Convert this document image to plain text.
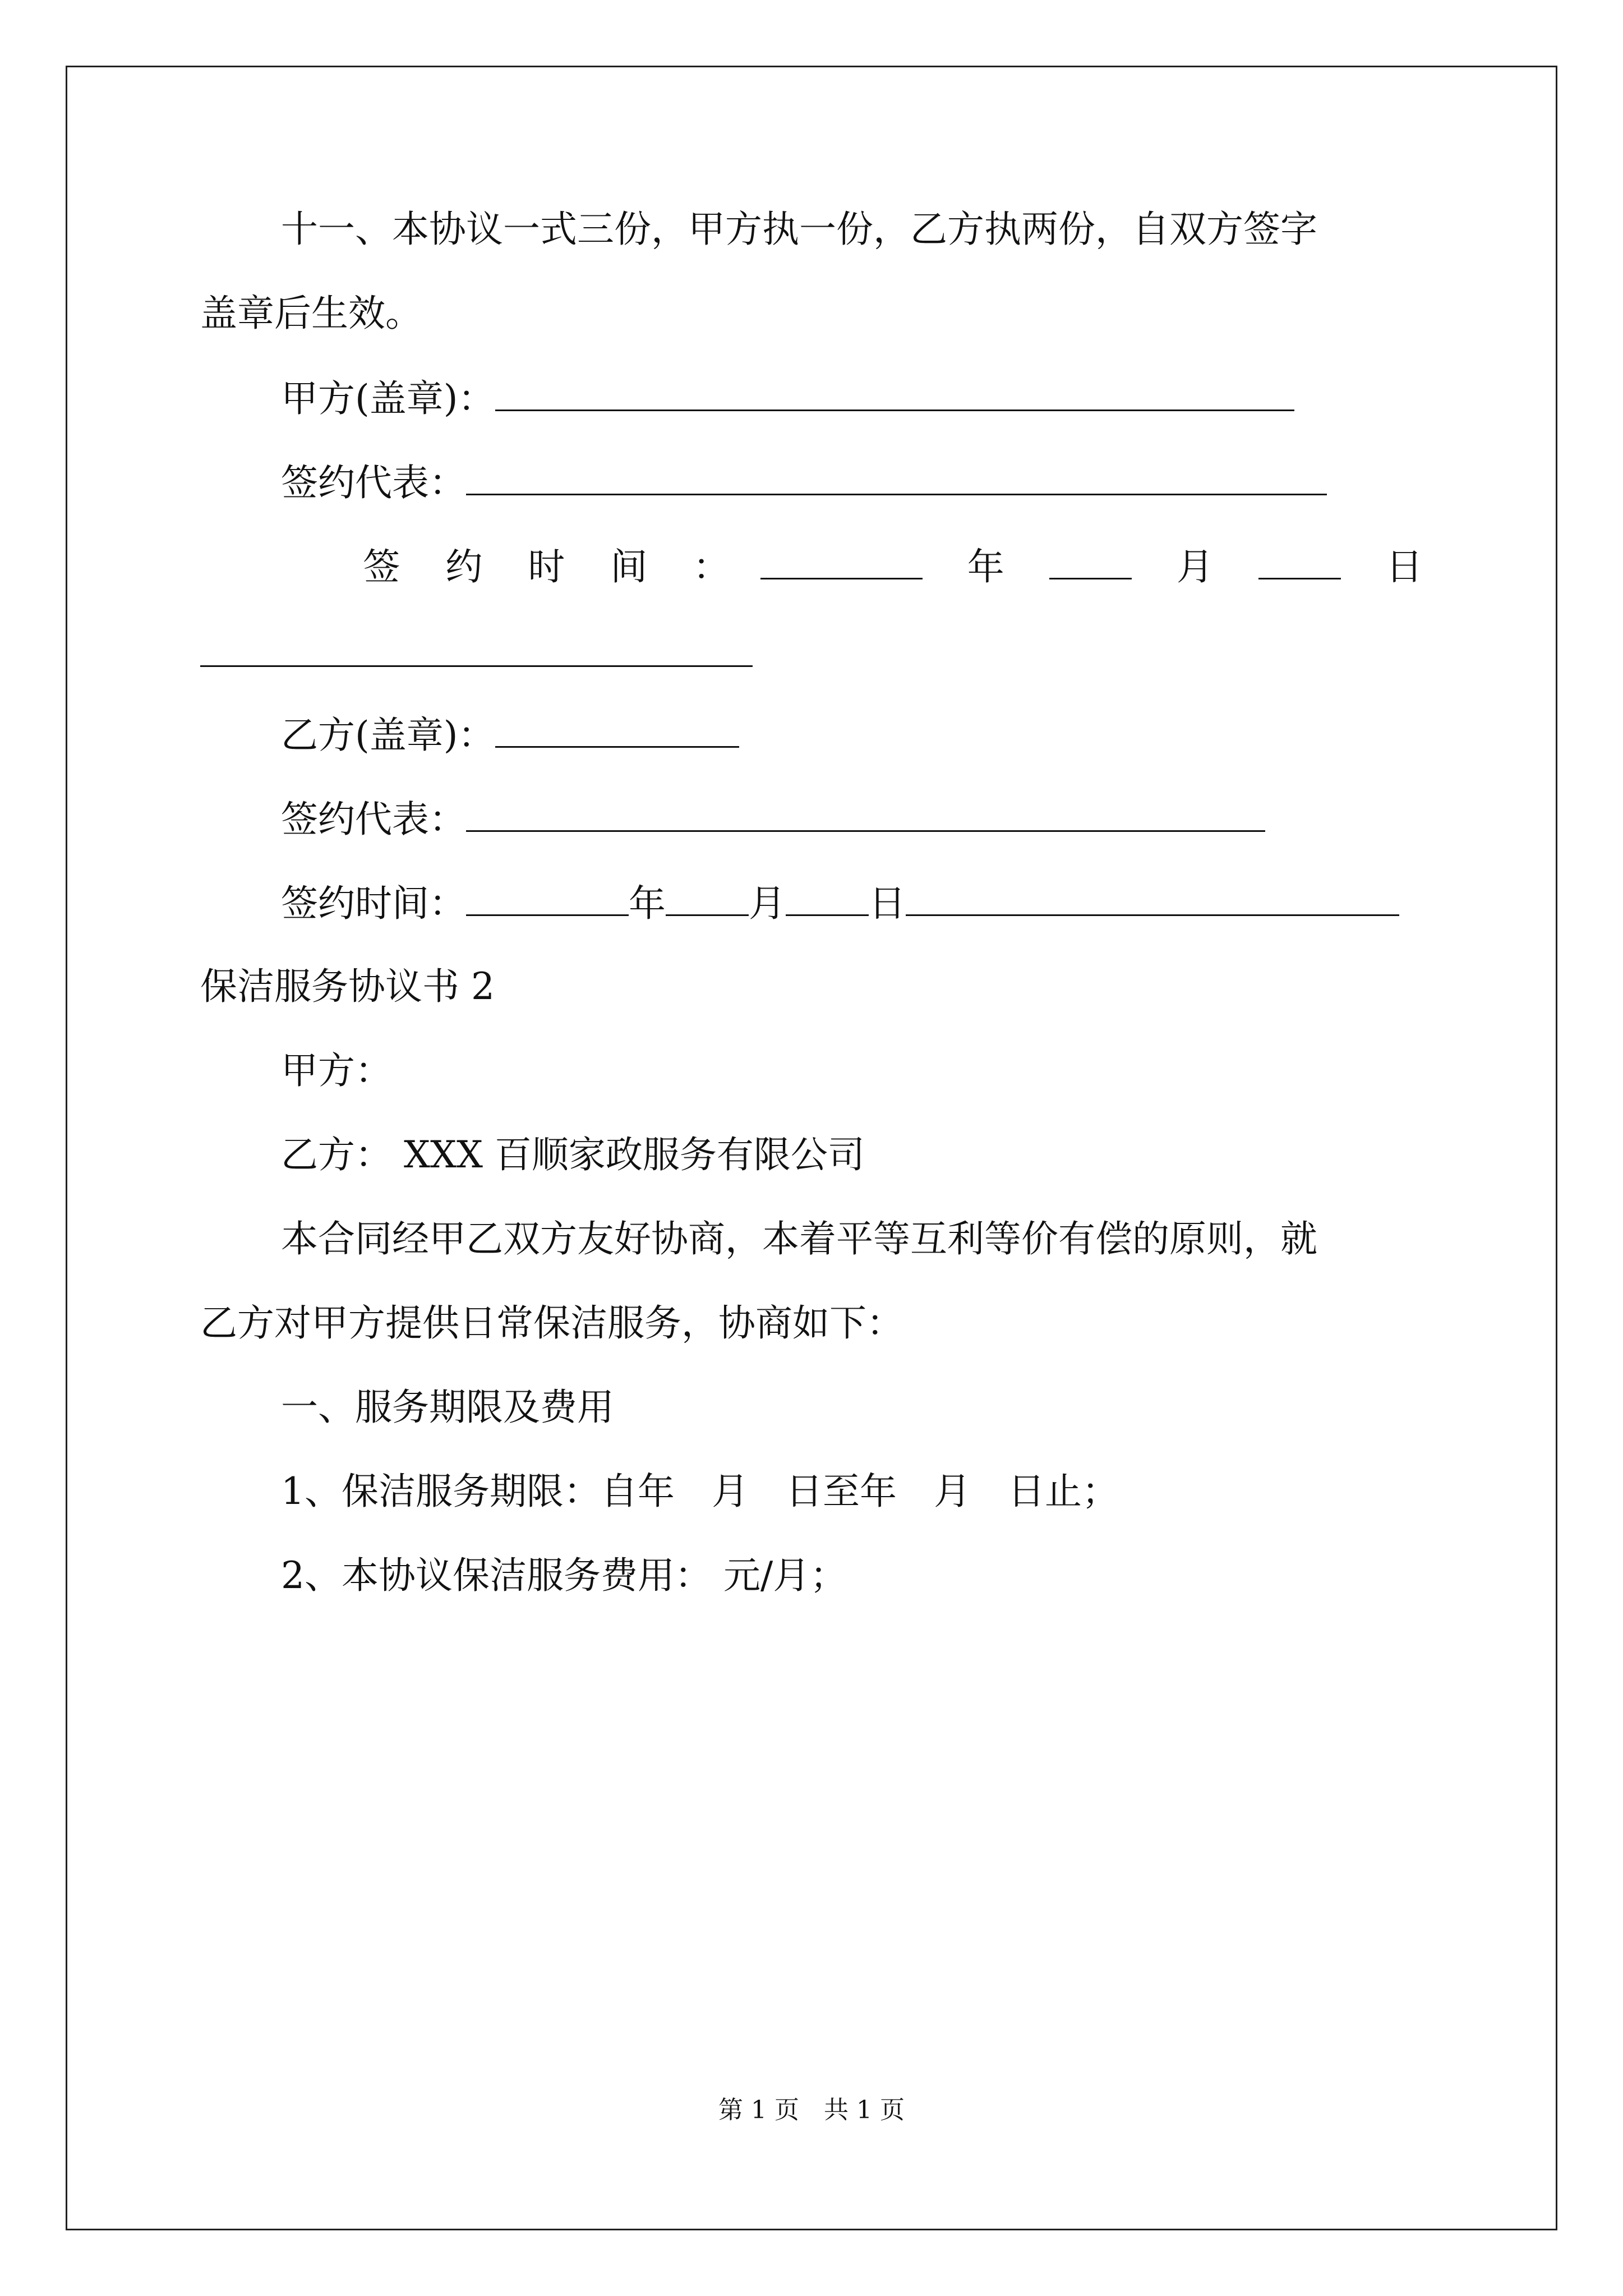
十一、本协议一式三份，甲方执一份，乙方执两份，自双方签字
盖章后生效。
甲方(盖章)：
签约代表：
签 约 时 间 ：	年	月	日
乙方(盖章)：
签约代表：
签约时间：	年 月 日
保洁服务协议书 2
甲方：
乙方： XXX 百顺家政服务有限公司
本合同经甲乙双方友好协商，本着平等互利等价有偿的原则，就
乙方对甲方提供日常保洁服务，协商如下：
一、服务期限及费用
1、保洁服务期限：自年　月　日至年　月　日止；
2、本协议保洁服务费用： 元/月；
第 1 页　共 1 页
